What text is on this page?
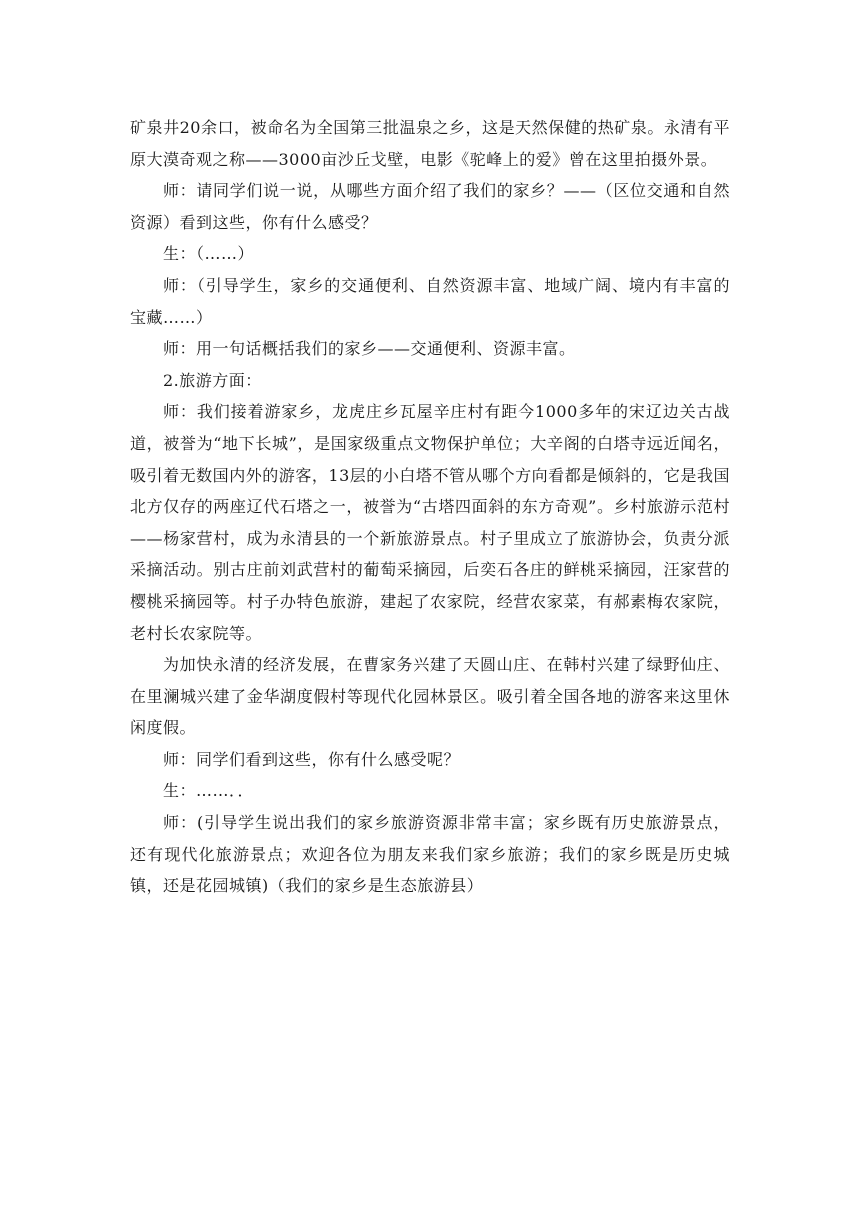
矿泉井20余口，被命名为全国第三批温泉之乡，这是天然保健的热矿泉。永清有平原大漠奇观之称——3000亩沙丘戈壁，电影《驼峰上的爱》曾在这里拍摄外景。

师：请同学们说一说，从哪些方面介绍了我们的家乡？——（区位交通和自然资源）看到这些，你有什么感受？

生：（……）

师：（引导学生，家乡的交通便利、自然资源丰富、地域广阔、境内有丰富的宝藏……）

师：用一句话概括我们的家乡——交通便利、资源丰富。

2.旅游方面：

师：我们接着游家乡，龙虎庄乡瓦屋辛庄村有距今1000多年的宋辽边关古战道，被誉为“地下长城”，是国家级重点文物保护单位；大辛阁的白塔寺远近闻名，吸引着无数国内外的游客，13层的小白塔不管从哪个方向看都是倾斜的，它是我国北方仅存的两座辽代石塔之一，被誉为“古塔四面斜的东方奇观”。乡村旅游示范村——杨家营村，成为永清县的一个新旅游景点。村子里成立了旅游协会，负责分派采摘活动。别古庄前刘武营村的葡萄采摘园，后奕石各庄的鲜桃采摘园，汪家营的樱桃采摘园等。村子办特色旅游，建起了农家院，经营农家菜，有郝素梅农家院，老村长农家院等。

为加快永清的经济发展，在曹家务兴建了天圆山庄、在韩村兴建了绿野仙庄、在里澜城兴建了金华湖度假村等现代化园林景区。吸引着全国各地的游客来这里休闲度假。

师：同学们看到这些，你有什么感受呢？

生：……．．

师：(引导学生说出我们的家乡旅游资源非常丰富；家乡既有历史旅游景点，还有现代化旅游景点；欢迎各位为朋友来我们家乡旅游；我们的家乡既是历史城镇，还是花园城镇)（我们的家乡是生态旅游县）
